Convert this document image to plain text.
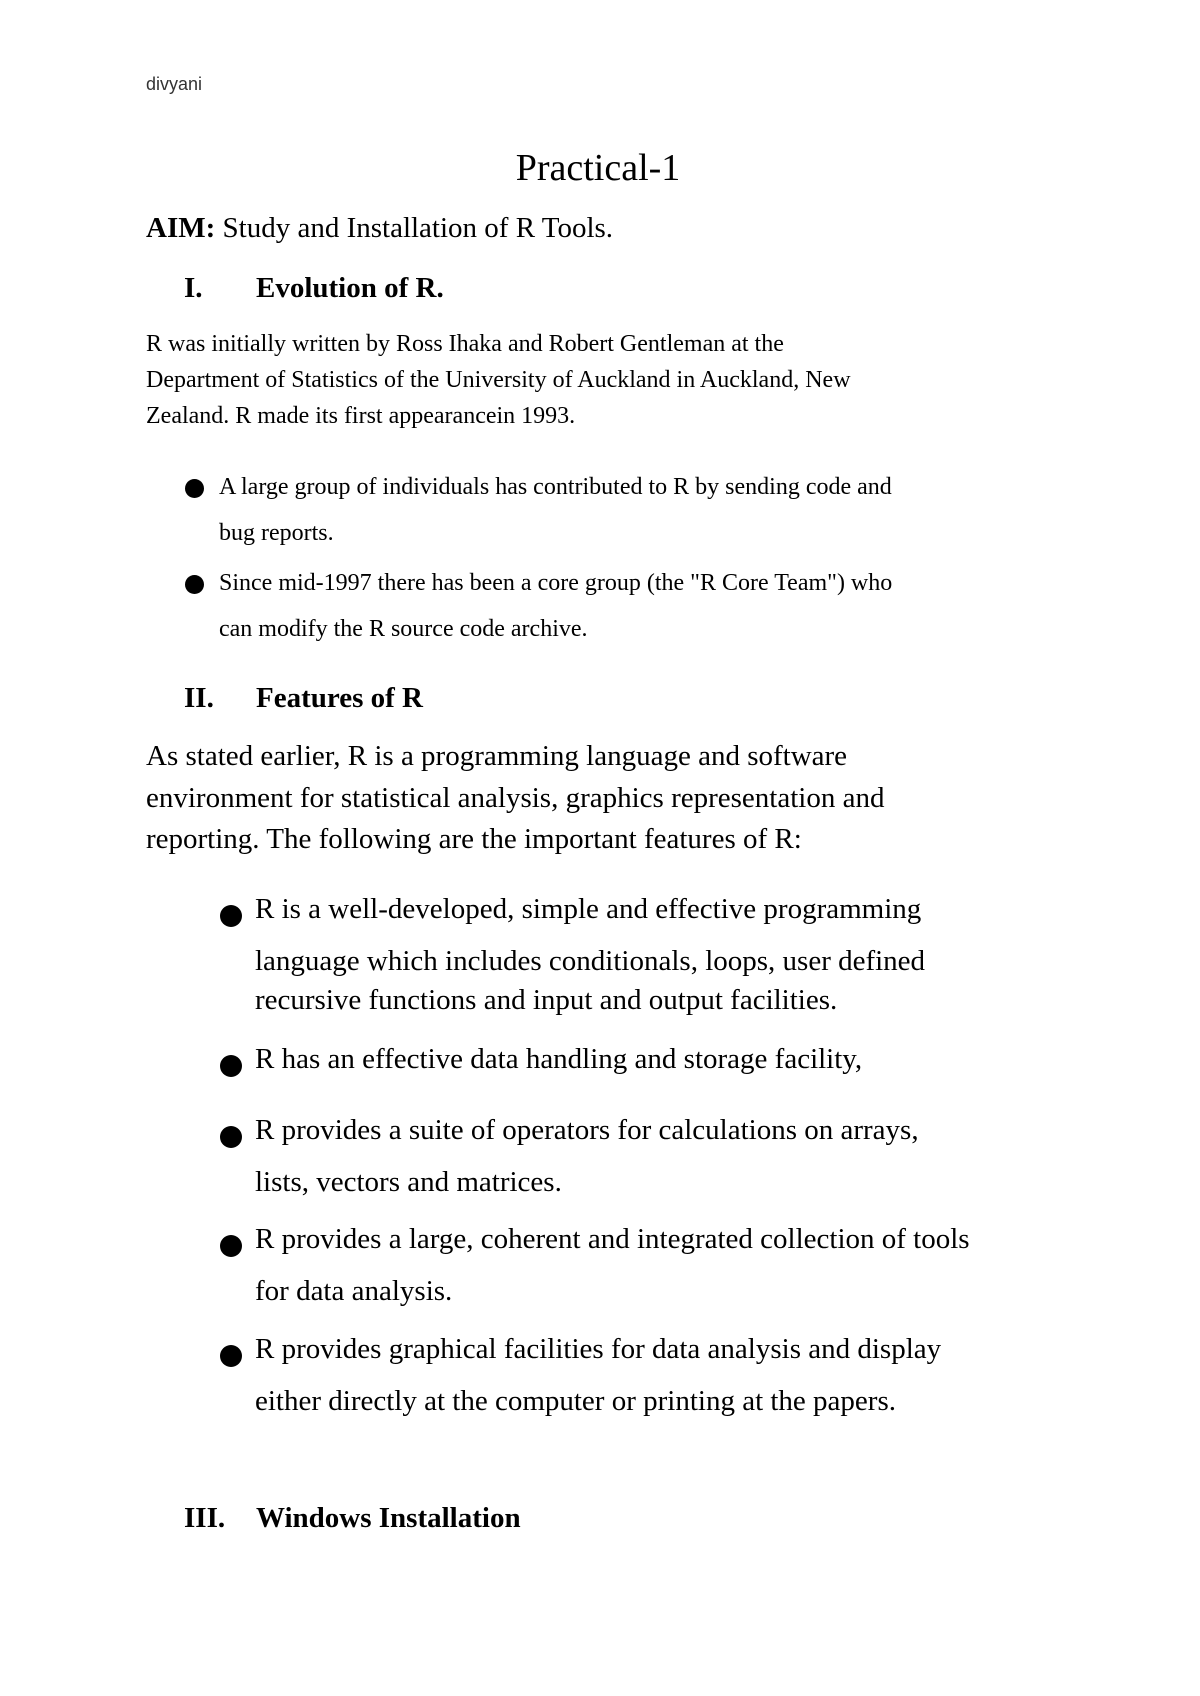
divyani
Practical-1
AIM: Study and Installation of R Tools.
I. Evolution of R.
R was initially written by Ross Ihaka and Robert Gentleman at the
Department of Statistics of the University of Auckland in Auckland, New
Zealand. R made its first appearancein 1993.
A large group of individuals has contributed to R by sending code and
bug reports.
Since mid-1997 there has been a core group (the "R Core Team") who
can modify the R source code archive.
II. Features of R
As stated earlier, R is a programming language and software
environment for statistical analysis, graphics representation and
reporting. The following are the important features of R:
R is a well-developed, simple and effective programming
language which includes conditionals, loops, user defined
recursive functions and input and output facilities.
R has an effective data handling and storage facility,
R provides a suite of operators for calculations on arrays,
lists, vectors and matrices.
R provides a large, coherent and integrated collection of tools
for data analysis.
R provides graphical facilities for data analysis and display
either directly at the computer or printing at the papers.
III. Windows Installation
